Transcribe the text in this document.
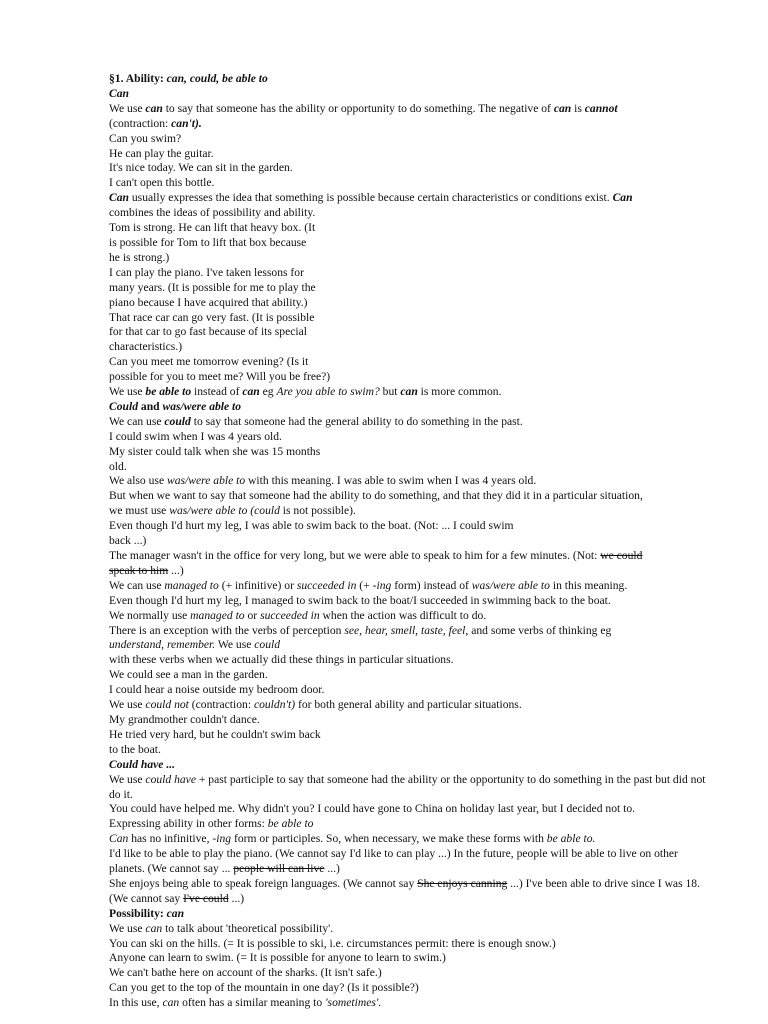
§1. Ability: can, could, be able to
Can
We use can to say that someone has the ability or opportunity to do something. The negative of can is cannot
(contraction: can't).
Can you swim?
He can play the guitar.
It's nice today. We can sit in the garden.
I can't open this bottle.
Can usually expresses the idea that something is possible because certain characteristics or conditions exist. Can
combines the ideas of possibility and ability.
Tom is strong. He can lift that heavy box. (It
is possible for Tom to lift that box because
he is strong.)
I can play the piano. I've taken lessons for
many years. (It is possible for me to play the
piano because I have acquired that ability.)
That race car can go very fast. (It is possible
for that car to go fast because of its special
characteristics.)
Can you meet me tomorrow evening? (Is it
possible for you to meet me? Will you be free?)
We use be able to instead of can eg Are you able to swim? but can is more common.
Could and was/were able to
We can use could to say that someone had the general ability to do something in the past.
I could swim when I was 4 years old.
My sister could talk when she was 15 months
old.
We also use was/were able to with this meaning. I was able to swim when I was 4 years old.
But when we want to say that someone had the ability to do something, and that they did it in a particular situation,
we must use was/were able to (could is not possible).
Even though I'd hurt my leg, I was able to swim back to the boat. (Not: ... I could swim
back ...)
The manager wasn't in the office for very long, but we were able to speak to him for a few minutes. (Not: we could
speak to him ...)
We can use managed to (+ infinitive) or succeeded in (+ -ing form) instead of was/were able to in this meaning.
Even though I'd hurt my leg, I managed to swim back to the boat/I succeeded in swimming back to the boat.
We normally use managed to or succeeded in when the action was difficult to do.
There is an exception with the verbs of perception see, hear, smell, taste, feel, and some verbs of thinking eg
understand, remember. We use could
with these verbs when we actually did these things in particular situations.
We could see a man in the garden.
I could hear a noise outside my bedroom door.
We use could not (contraction: couldn't) for both general ability and particular situations.
My grandmother couldn't dance.
He tried very hard, but he couldn't swim back
to the boat.
Could have ...
We use could have + past participle to say that someone had the ability or the opportunity to do something in the past but did not do it.
You could have helped me. Why didn't you? I could have gone to China on holiday last year, but I decided not to.
Expressing ability in other forms: be able to
Can has no infinitive, -ing form or participles. So, when necessary, we make these forms with be able to.
I'd like to be able to play the piano. (We cannot say I'd like to can play ...) In the future, people will be able to live on other planets. (We cannot say ... people will can live ...)
She enjoys being able to speak foreign languages. (We cannot say She enjoys canning ...) I've been able to drive since I was 18. (We cannot say I've could ...)
Possibility: can
We use can to talk about 'theoretical possibility'.
You can ski on the hills. (= It is possible to ski, i.e. circumstances permit: there is enough snow.)
Anyone can learn to swim. (= It is possible for anyone to learn to swim.)
We can't bathe here on account of the sharks. (It isn't safe.)
Can you get to the top of the mountain in one day? (Is it possible?)
In this use, can often has a similar meaning to 'sometimes'.
